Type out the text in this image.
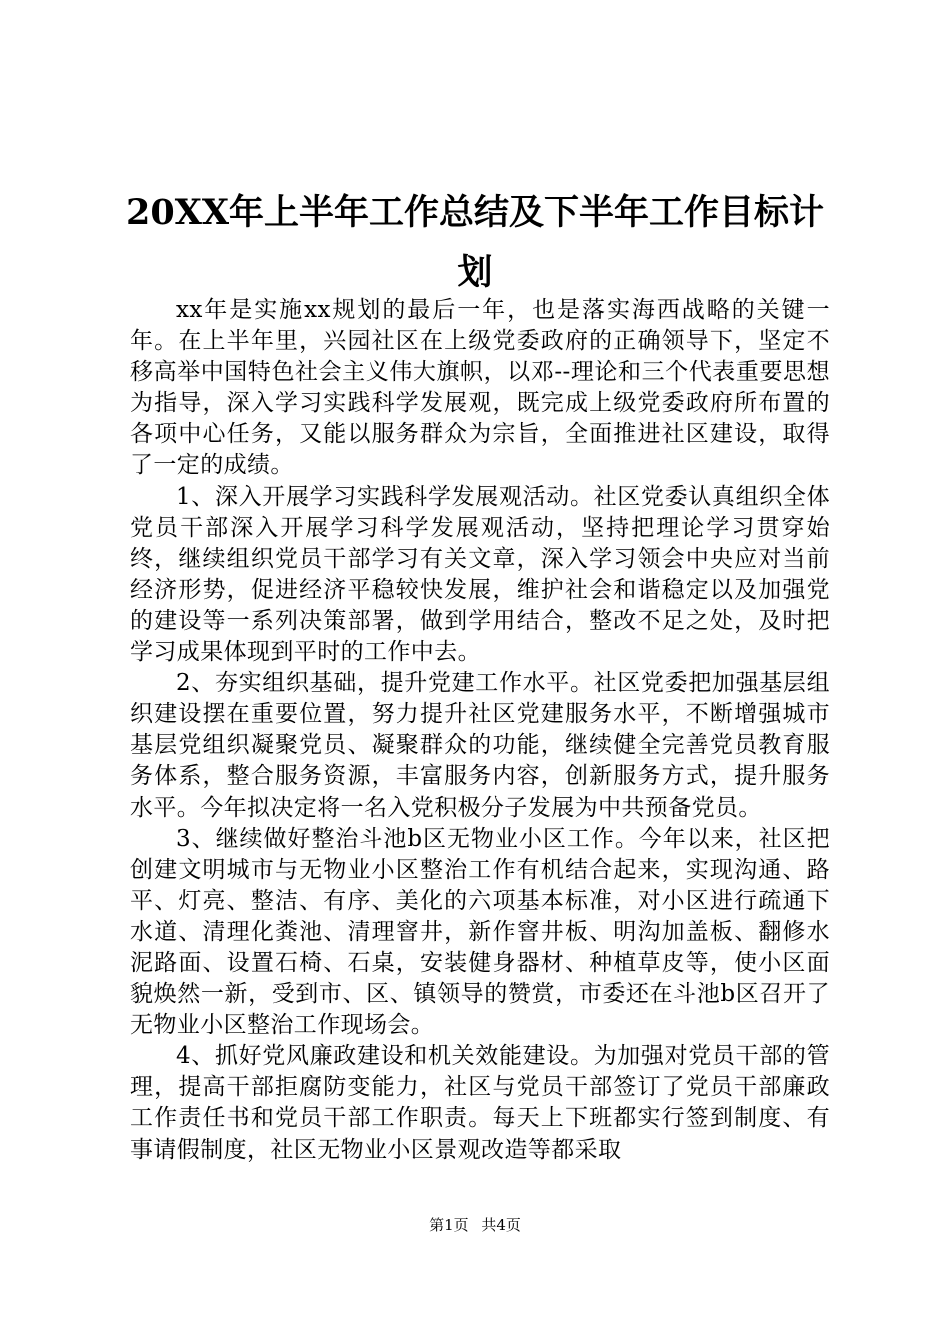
20XX年上半年工作总结及下半年工作目标计划

xx年是实施xx规划的最后一年，也是落实海西战略的关键一年。在上半年里，兴园社区在上级党委政府的正确领导下，坚定不移高举中国特色社会主义伟大旗帜，以邓--理论和三个代表重要思想为指导，深入学习实践科学发展观，既完成上级党委政府所布置的各项中心任务，又能以服务群众为宗旨，全面推进社区建设，取得了一定的成绩。

1、深入开展学习实践科学发展观活动。社区党委认真组织全体党员干部深入开展学习科学发展观活动，坚持把理论学习贯穿始终，继续组织党员干部学习有关文章，深入学习领会中央应对当前经济形势，促进经济平稳较快发展，维护社会和谐稳定以及加强党的建设等一系列决策部署，做到学用结合，整改不足之处，及时把学习成果体现到平时的工作中去。

2、夯实组织基础，提升党建工作水平。社区党委把加强基层组织建设摆在重要位置，努力提升社区党建服务水平，不断增强城市基层党组织凝聚党员、凝聚群众的功能，继续健全完善党员教育服务体系，整合服务资源，丰富服务内容，创新服务方式，提升服务水平。今年拟决定将一名入党积极分子发展为中共预备党员。

3、继续做好整治斗池b区无物业小区工作。今年以来，社区把创建文明城市与无物业小区整治工作有机结合起来，实现沟通、路平、灯亮、整洁、有序、美化的六项基本标准，对小区进行疏通下水道、清理化粪池、清理窨井，新作窨井板、明沟加盖板、翻修水泥路面、设置石椅、石桌，安装健身器材、种植草皮等，使小区面貌焕然一新，受到市、区、镇领导的赞赏，市委还在斗池b区召开了无物业小区整治工作现场会。

4、抓好党风廉政建设和机关效能建设。为加强对党员干部的管理，提高干部拒腐防变能力，社区与党员干部签订了党员干部廉政工作责任书和党员干部工作职责。每天上下班都实行签到制度、有事请假制度，社区无物业小区景观改造等都采取

第1页 共4页
